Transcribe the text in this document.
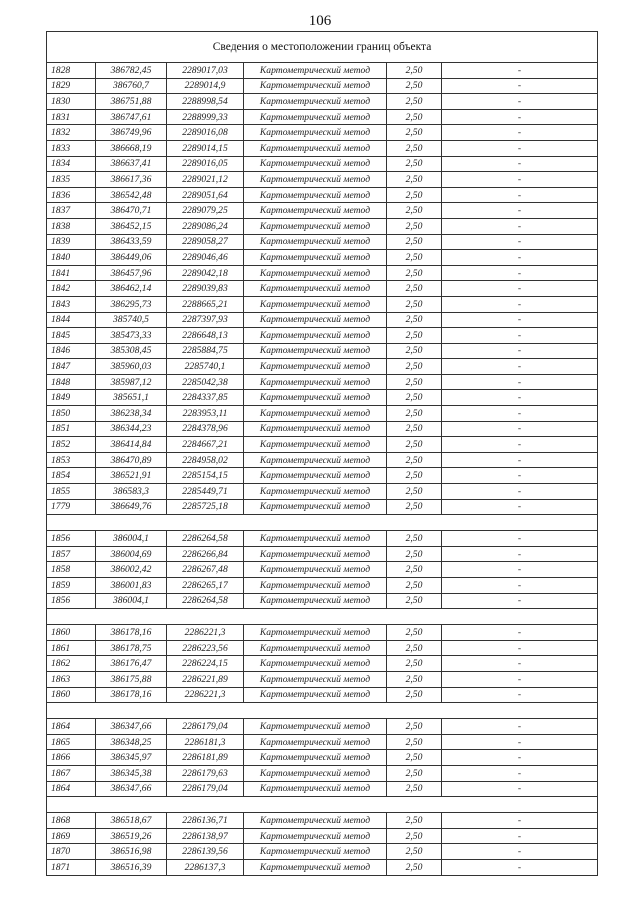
106
Сведения о местоположении границ объекта					
1828	386782,45	2289017,03	Картометрический метод	2,50	-
1829	386760,7	2289014,9	Картометрический метод	2,50	-
1830	386751,88	2288998,54	Картометрический метод	2,50	-
1831	386747,61	2288999,33	Картометрический метод	2,50	-
1832	386749,96	2289016,08	Картометрический метод	2,50	-
1833	386668,19	2289014,15	Картометрический метод	2,50	-
1834	386637,41	2289016,05	Картометрический метод	2,50	-
1835	386617,36	2289021,12	Картометрический метод	2,50	-
1836	386542,48	2289051,64	Картометрический метод	2,50	-
1837	386470,71	2289079,25	Картометрический метод	2,50	-
1838	386452,15	2289086,24	Картометрический метод	2,50	-
1839	386433,59	2289058,27	Картометрический метод	2,50	-
1840	386449,06	2289046,46	Картометрический метод	2,50	-
1841	386457,96	2289042,18	Картометрический метод	2,50	-
1842	386462,14	2289039,83	Картометрический метод	2,50	-
1843	386295,73	2288665,21	Картометрический метод	2,50	-
1844	385740,5	2287397,93	Картометрический метод	2,50	-
1845	385473,33	2286648,13	Картометрический метод	2,50	-
1846	385308,45	2285884,75	Картометрический метод	2,50	-
1847	385960,03	2285740,1	Картометрический метод	2,50	-
1848	385987,12	2285042,38	Картометрический метод	2,50	-
1849	385651,1	2284337,85	Картометрический метод	2,50	-
1850	386238,34	2283953,11	Картометрический метод	2,50	-
1851	386344,23	2284378,96	Картометрический метод	2,50	-
1852	386414,84	2284667,21	Картометрический метод	2,50	-
1853	386470,89	2284958,02	Картометрический метод	2,50	-
1854	386521,91	2285154,15	Картометрический метод	2,50	-
1855	386583,3	2285449,71	Картометрический метод	2,50	-
1779	386649,76	2285725,18	Картометрический метод	2,50	-

1856	386004,1	2286264,58	Картометрический метод	2,50	-
1857	386004,69	2286266,84	Картометрический метод	2,50	-
1858	386002,42	2286267,48	Картометрический метод	2,50	-
1859	386001,83	2286265,17	Картометрический метод	2,50	-
1856	386004,1	2286264,58	Картометрический метод	2,50	-

1860	386178,16	2286221,3	Картометрический метод	2,50	-
1861	386178,75	2286223,56	Картометрический метод	2,50	-
1862	386176,47	2286224,15	Картометрический метод	2,50	-
1863	386175,88	2286221,89	Картометрический метод	2,50	-
1860	386178,16	2286221,3	Картометрический метод	2,50	-

1864	386347,66	2286179,04	Картометрический метод	2,50	-
1865	386348,25	2286181,3	Картометрический метод	2,50	-
1866	386345,97	2286181,89	Картометрический метод	2,50	-
1867	386345,38	2286179,63	Картометрический метод	2,50	-
1864	386347,66	2286179,04	Картометрический метод	2,50	-

1868	386518,67	2286136,71	Картометрический метод	2,50	-
1869	386519,26	2286138,97	Картометрический метод	2,50	-
1870	386516,98	2286139,56	Картометрический метод	2,50	-
1871	386516,39	2286137,3	Картометрический метод	2,50	-
